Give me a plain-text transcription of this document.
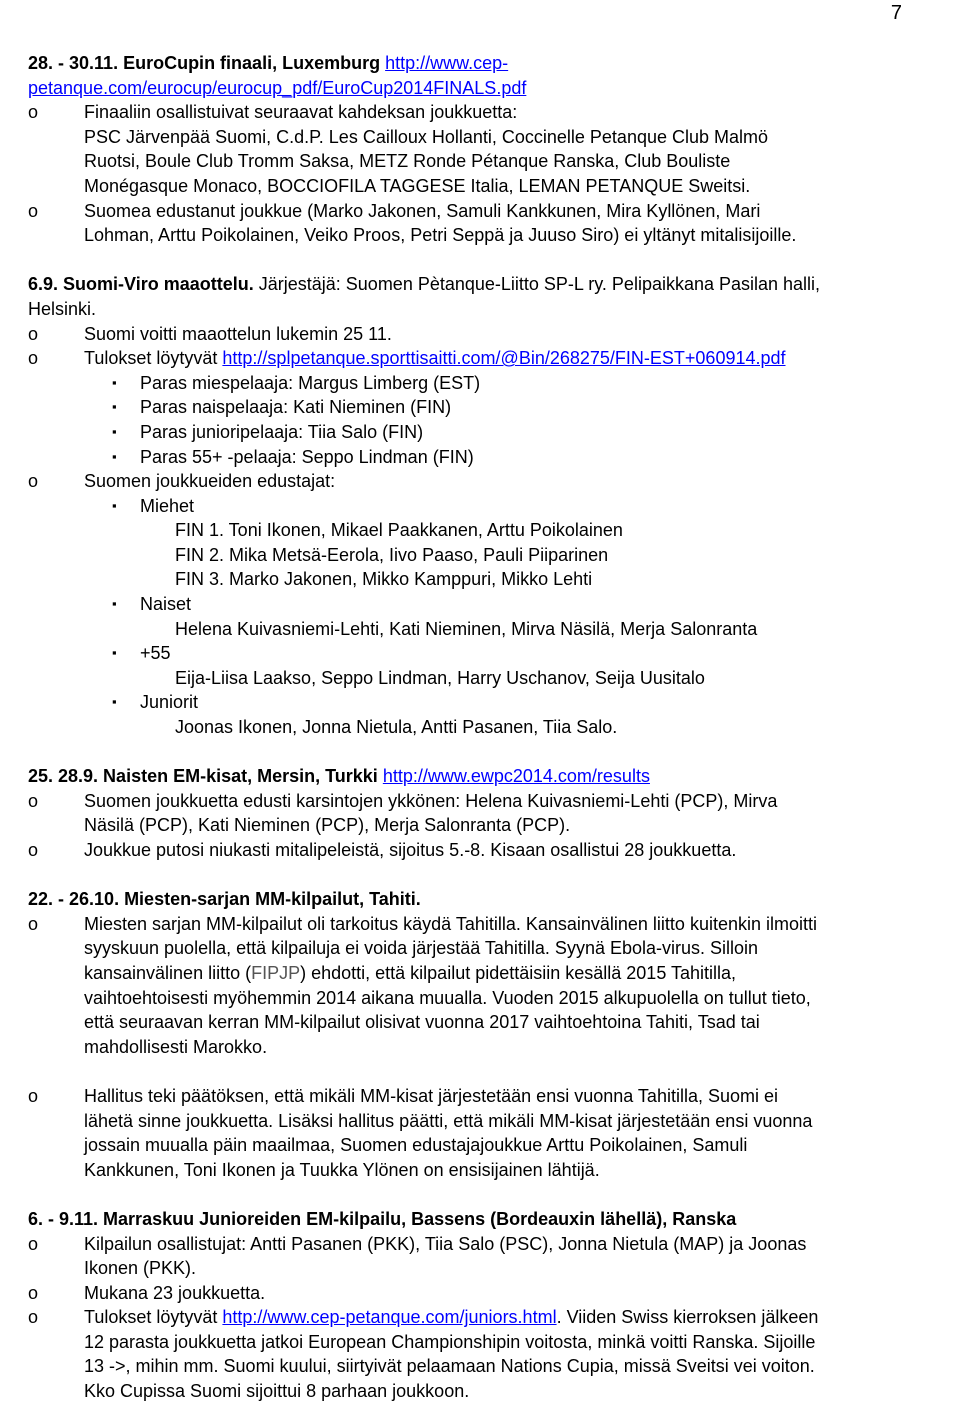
7

28. - 30.11. EuroCupin finaali, Luxemburg http://www.cep-
petanque.com/eurocup/eurocup_pdf/EuroCup2014FINALS.pdf

o	Finaaliin osallistuivat seuraavat kahdeksan joukkuetta:
PSC Järvenpää Suomi, C.d.P. Les Cailloux Hollanti, Coccinelle Petanque Club Malmö
Ruotsi, Boule Club Tromm Saksa, METZ Ronde Pétanque Ranska, Club Bouliste
Monégasque Monaco, BOCCIOFILA TAGGESE Italia, LEMAN PETANQUE Sweitsi.
o	Suomea edustanut joukkue (Marko Jakonen, Samuli Kankkunen, Mira Kyllönen, Mari
Lohman, Arttu Poikolainen, Veiko Proos, Petri Seppä ja Juuso Siro) ei yltänyt mitalisijoille.

6.9. Suomi-Viro maaottelu. Järjestäjä: Suomen Pètanque-Liitto SP-L ry. Pelipaikkana Pasilan halli,
Helsinki.

o	Suomi voitti maaottelun lukemin 25 11.
o	Tulokset löytyvät http://splpetanque.sporttisaitti.com/@Bin/268275/FIN-EST+060914.pdf
▪	Paras miespelaaja: Margus Limberg (EST)
▪	Paras naispelaaja: Kati Nieminen (FIN)
▪	Paras junioripelaaja: Tiia Salo (FIN)
▪	Paras 55+ -pelaaja: Seppo Lindman (FIN)
o	Suomen joukkueiden edustajat:
▪	Miehet
FIN 1. Toni Ikonen, Mikael Paakkanen, Arttu Poikolainen
FIN 2. Mika Metsä-Eerola, Iivo Paaso, Pauli Piiparinen
FIN 3. Marko Jakonen, Mikko Kamppuri, Mikko Lehti
▪	Naiset
Helena Kuivasniemi-Lehti, Kati Nieminen, Mirva Näsilä, Merja Salonranta
▪	+55
Eija-Liisa Laakso, Seppo Lindman, Harry Uschanov, Seija Uusitalo
▪	Juniorit
Joonas Ikonen, Jonna Nietula, Antti Pasanen, Tiia Salo.

25. 28.9. Naisten EM-kisat, Mersin, Turkki http://www.ewpc2014.com/results

o	Suomen joukkuetta edusti karsintojen ykkönen: Helena Kuivasniemi-Lehti (PCP), Mirva
Näsilä (PCP), Kati Nieminen (PCP), Merja Salonranta (PCP).
o	Joukkue putosi niukasti mitalipeleistä, sijoitus 5.-8. Kisaan osallistui 28 joukkuetta.

22. - 26.10. Miesten-sarjan MM-kilpailut, Tahiti.

o	Miesten sarjan MM-kilpailut oli tarkoitus käydä Tahitilla. Kansainvälinen liitto kuitenkin ilmoitti
syyskuun puolella, että kilpailuja ei voida järjestää Tahitilla. Syynä Ebola-virus. Silloin
kansainvälinen liitto (FIPJP) ehdotti, että kilpailut pidettäisiin kesällä 2015 Tahitilla,
vaihtoehtoisesti myöhemmin 2014 aikana muualla. Vuoden 2015 alkupuolella on tullut tieto,
että seuraavan kerran MM-kilpailut olisivat vuonna 2017 vaihtoehtoina Tahiti, Tsad tai
mahdollisesti Marokko.
o	Hallitus teki päätöksen, että mikäli MM-kisat järjestetään ensi vuonna Tahitilla, Suomi ei
lähetä sinne joukkuetta. Lisäksi hallitus päätti, että mikäli MM-kisat järjestetään ensi vuonna
jossain muualla päin maailmaa, Suomen edustajajoukkue Arttu Poikolainen, Samuli
Kankkunen, Toni Ikonen ja Tuukka Ylönen on ensisijainen lähtijä.

6. - 9.11. Marraskuu Junioreiden EM-kilpailu, Bassens (Bordeauxin lähellä), Ranska

o	Kilpailun osallistujat: Antti Pasanen (PKK), Tiia Salo (PSC), Jonna Nietula (MAP) ja Joonas
Ikonen (PKK).
o	Mukana 23 joukkuetta.
o	Tulokset löytyvät http://www.cep-petanque.com/juniors.html. Viiden Swiss kierroksen jälkeen
12 parasta joukkuetta jatkoi European Championshipin voitosta, minkä voitti Ranska. Sijoille
13 ->, mihin mm. Suomi kuului, siirtyivät pelaamaan Nations Cupia, missä Sveitsi vei voiton.
Kko Cupissa Suomi sijoittui 8 parhaan joukkoon.
